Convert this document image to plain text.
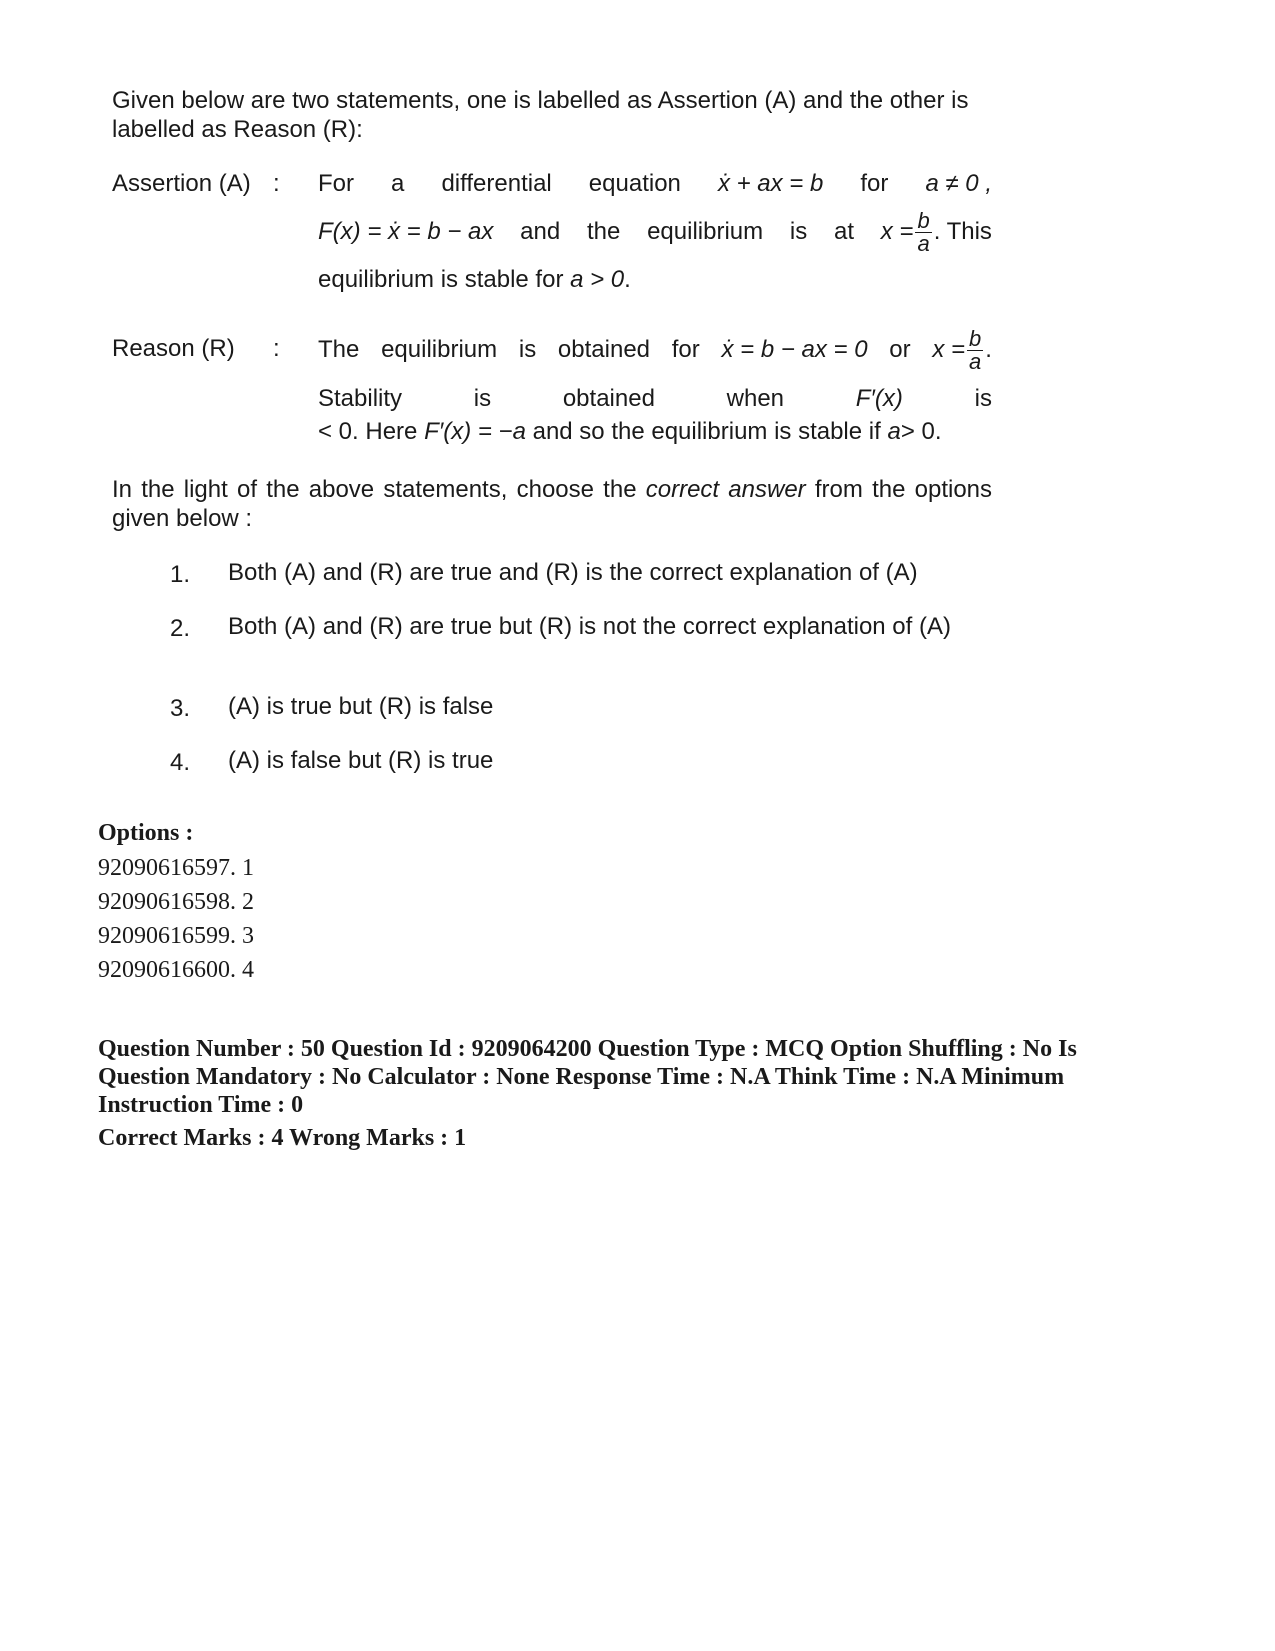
Given below are two statements, one is labelled as Assertion (A) and the other is labelled as Reason (R):
Assertion (A) : For a differential equation ẋ + ax = b for a ≠ 0 ,
F(x) = ẋ = b − ax and the equilibrium is at $x = \frac{b}{a}$ . This
equilibrium is stable for a > 0.
Reason (R) : The equilibrium is obtained for ẋ = b − ax = 0 or $x = \frac{b}{a}$ .
Stability	is	obtained	when	F′(x)	is
< 0. Here F′(x) = −a and so the equilibrium is stable if a> 0.
In the light of the above statements, choose the correct answer from the options given below :
1. Both (A) and (R) are true and (R) is the correct explanation of (A)
2. Both (A) and (R) are true but (R) is not the correct explanation of (A)
3. (A) is true but (R) is false
4. (A) is false but (R) is true
Options :
92090616597. 1
92090616598. 2
92090616599. 3
92090616600. 4
Question Number : 50 Question Id : 9209064200 Question Type : MCQ Option Shuffling : No Is
Question Mandatory : No Calculator : None Response Time : N.A Think Time : N.A Minimum
Instruction Time : 0
Correct Marks : 4 Wrong Marks : 1
